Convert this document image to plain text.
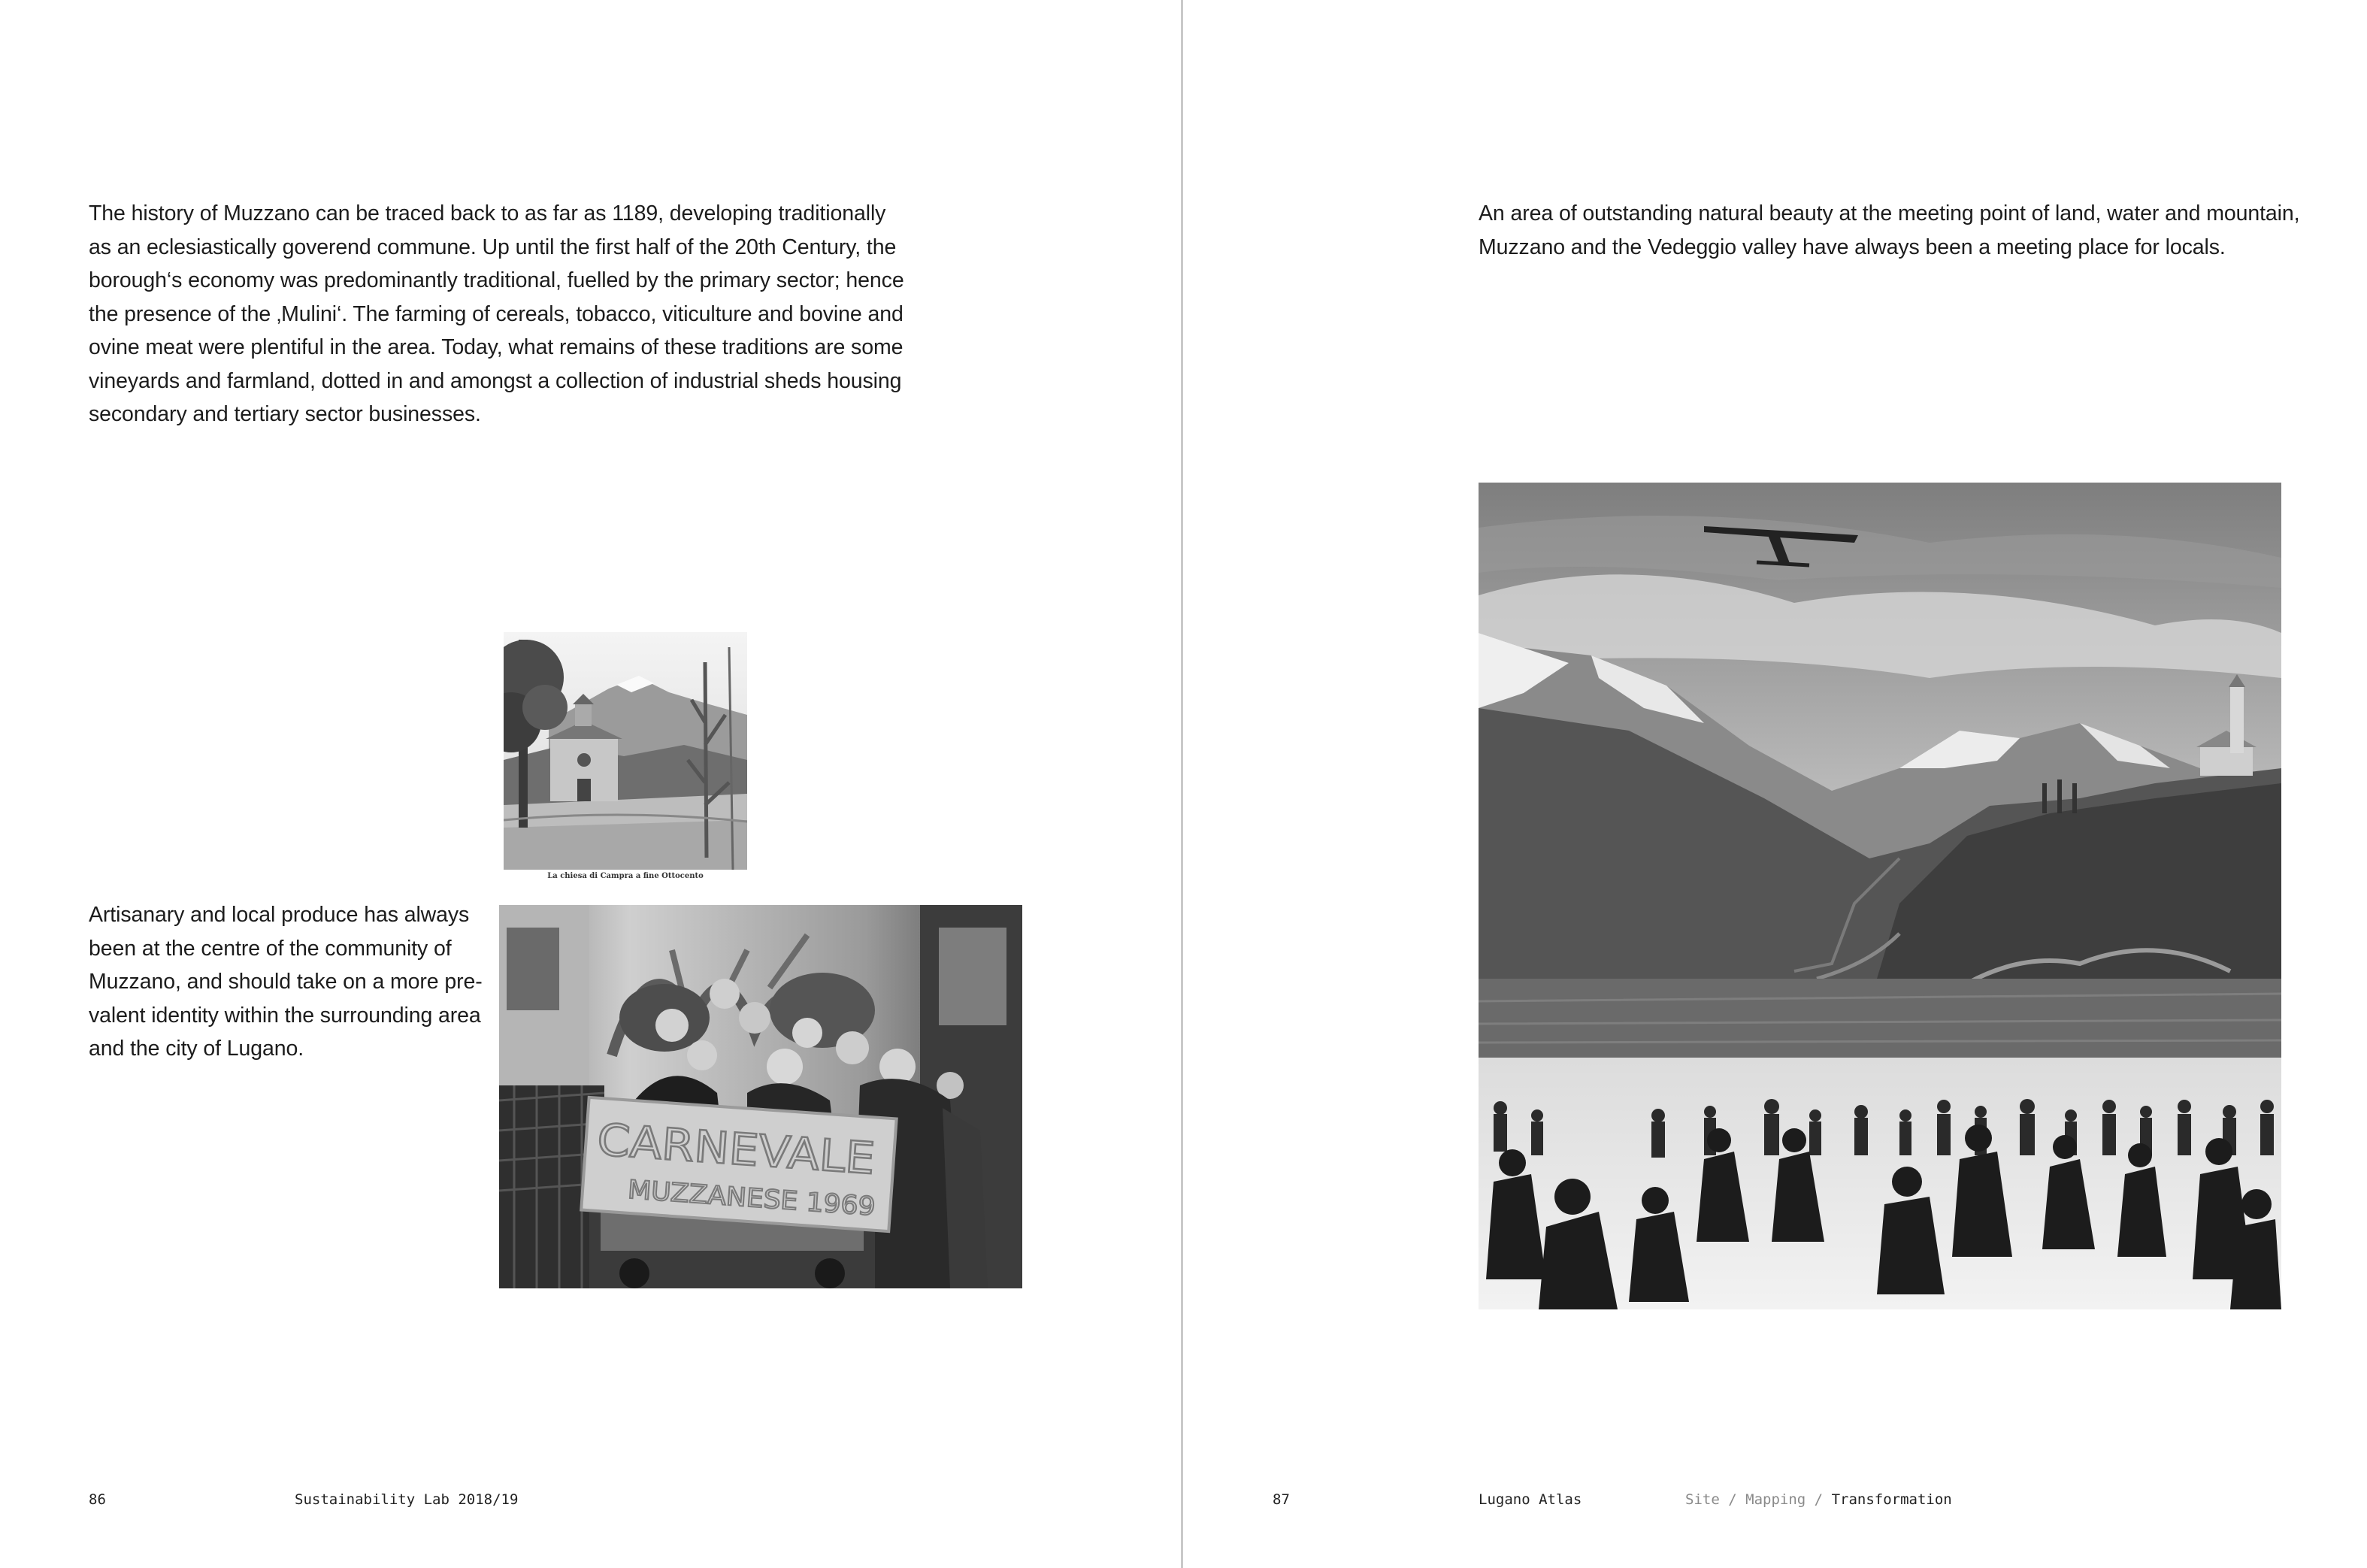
The history of Muzzano can be traced back to as far as 1189, developing traditionally
as an eclesiastically goverend commune. Up until the first half of the 20th Century, the
borough‘s economy was predominantly traditional, fuelled by the primary sector; hence
the presence of the ‚Mulini‘. The farming of cereals, tobacco, viticulture and bovine and
ovine meat were plentiful in the area. Today, what remains of these traditions are some
vineyards and farmland, dotted in and amongst a collection of industrial sheds housing
secondary and tertiary sector businesses.
La chiesa di Campra a fine Ottocento
Artisanary and local produce has always
been at the centre of the community of
Muzzano, and should take on a more pre-
valent identity within the surrounding area
and the city of Lugano.
CARNEVALE
MUZZANESE 1969
86	Sustainability Lab 2018/19
An area of outstanding natural beauty at the meeting point of land, water and mountain,
Muzzano and the Vedeggio valley have always been a meeting place for locals.
87	Lugano Atlas	Site / Mapping / Transformation
